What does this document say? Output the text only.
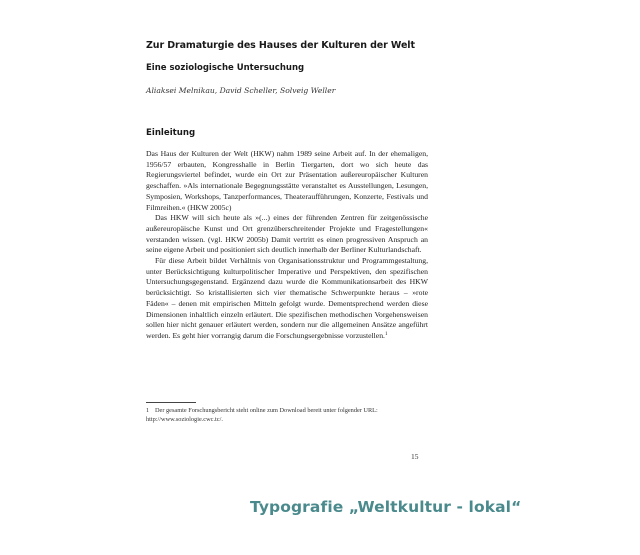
Zur Dramaturgie des Hauses der Kulturen der Welt
Eine soziologische Untersuchung
Aliaksei Melnikau, David Scheller, Solveig Weller
Einleitung

Das Haus der Kulturen der Welt (HKW) nahm 1989 seine Arbeit auf. In der ehemaligen, 1956/57 erbauten, Kongresshalle in Berlin Tiergarten, dort wo sich heute das Regierungsviertel befindet, wurde ein Ort zur Präsentation außereuropäischer Kulturen geschaffen. »Als internationale Begegnungsstätte veranstaltet es Ausstellungen, Lesungen, Symposien, Workshops, Tanzperformances, Theateraufführungen, Konzerte, Festivals und Filmreihen.« (HKW 2005c)

Das HKW will sich heute als »(...) eines der führenden Zentren für zeitgenössische außereuropäische Kunst und Ort grenzüberschreitender Projekte und Fragestellungen« verstanden wissen. (vgl. HKW 2005b) Damit vertritt es einen progressiven Anspruch an seine eigene Arbeit und positioniert sich deutlich innerhalb der Berliner Kulturlandschaft.

Für diese Arbeit bildet Verhältnis von Organisationsstruktur und Programmgestaltung, unter Berücksichtigung kulturpolitischer Imperative und Perspektiven, den spezifischen Untersuchungsgegenstand. Ergänzend dazu wurde die Kommunikationsarbeit des HKW berücksichtigt. So kristallisierten sich vier thematische Schwerpunkte heraus – »rote Fäden« – denen mit empirischen Mitteln gefolgt wurde. Dementsprechend werden diese Dimensionen inhaltlich einzeln erläutert. Die spezifischen methodischen Vorgehensweisen sollen hier nicht genauer erläutert werden, sondern nur die allgemeinen Ansätze angeführt werden. Es geht hier vorrangig darum die Forschungsergebnisse vorzustellen.$^1$

1 Der gesamte Forschungsbericht steht online zum Download bereit unter folgender URL: http://www.soziologie.cwc.tc/.
15
Typografie „Weltkultur - lokal“
